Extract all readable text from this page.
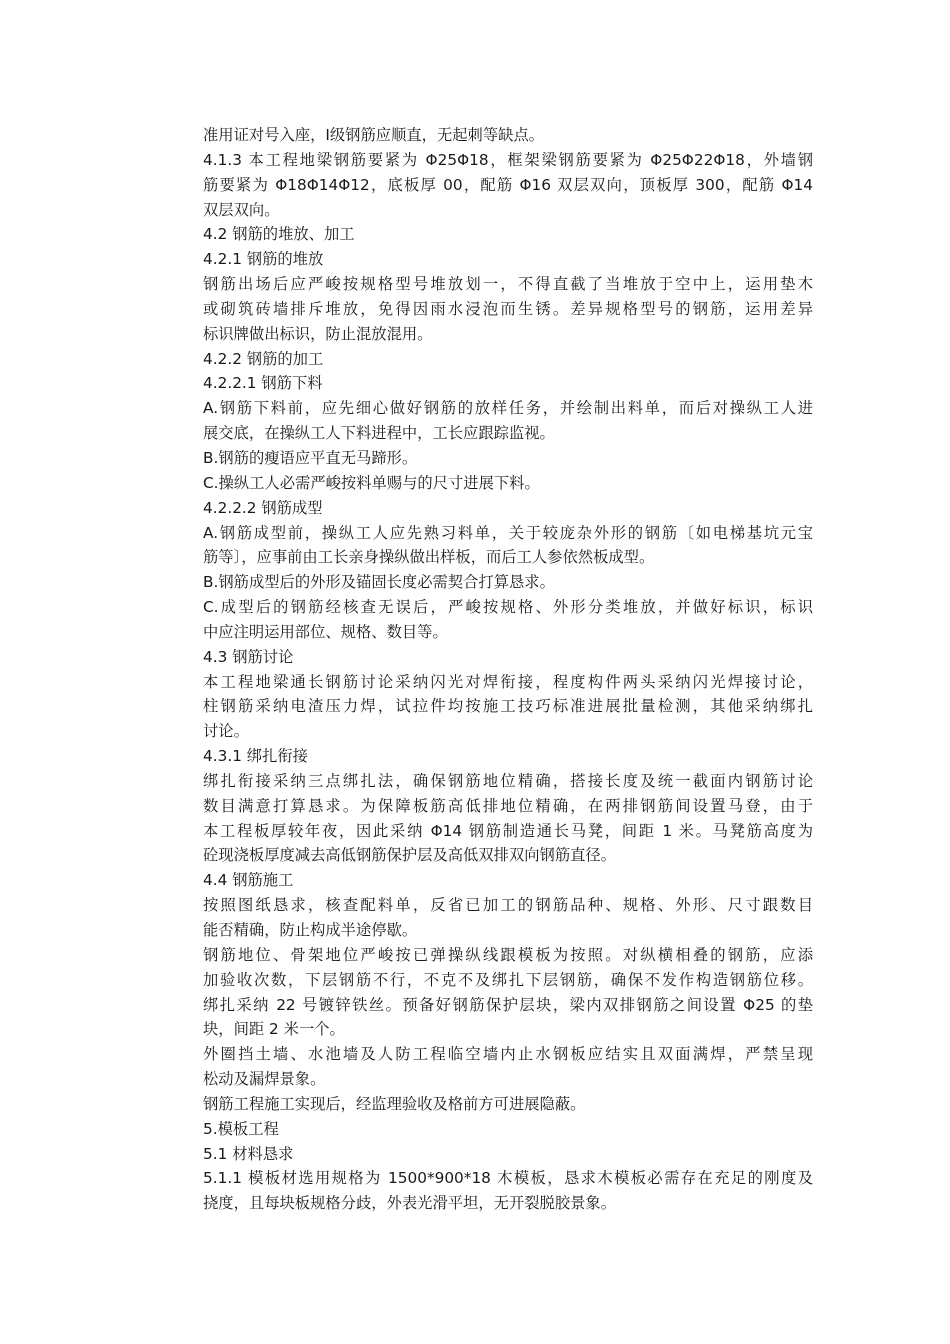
准用证对号入座，Ⅰ级钢筋应顺直，无起刺等缺点。
4.1.3 本工程地梁钢筋要紧为 Φ25Φ18，框架梁钢筋要紧为 Φ25Φ22Φ18，外墙钢
筋要紧为 Φ18Φ14Φ12，底板厚 00，配筋 Φ16 双层双向，顶板厚 300，配筋 Φ14
双层双向。
4.2 钢筋的堆放、加工
4.2.1 钢筋的堆放
钢筋出场后应严峻按规格型号堆放划一，不得直截了当堆放于空中上，运用垫木
或砌筑砖墙排斥堆放，免得因雨水浸泡而生锈。差异规格型号的钢筋，运用差异
标识牌做出标识，防止混放混用。
4.2.2 钢筋的加工
4.2.2.1 钢筋下料
A.钢筋下料前，应先细心做好钢筋的放样任务，并绘制出料单，而后对操纵工人进
展交底，在操纵工人下料进程中，工长应跟踪监视。
B.钢筋的瘦语应平直无马蹄形。
C.操纵工人必需严峻按料单赐与的尺寸进展下料。
4.2.2.2 钢筋成型
A.钢筋成型前，操纵工人应先熟习料单，关于较庞杂外形的钢筋〔如电梯基坑元宝
筋等〕，应事前由工长亲身操纵做出样板，而后工人参依然板成型。
B.钢筋成型后的外形及锚固长度必需契合打算恳求。
C.成型后的钢筋经核查无误后，严峻按规格、外形分类堆放，并做好标识，标识
中应注明运用部位、规格、数目等。
4.3 钢筋讨论
本工程地梁通长钢筋讨论采纳闪光对焊衔接，程度构件两头采纳闪光焊接讨论，
柱钢筋采纳电渣压力焊，试拉件均按施工技巧标准进展批量检测，其他采纳绑扎
讨论。
4.3.1 绑扎衔接
绑扎衔接采纳三点绑扎法，确保钢筋地位精确，搭接长度及统一截面内钢筋讨论
数目满意打算恳求。为保障板筋高低排地位精确，在两排钢筋间设置马登，由于
本工程板厚较年夜，因此采纳 Φ14 钢筋制造通长马凳，间距 1 米。马凳筋高度为
砼现浇板厚度减去高低钢筋保护层及高低双排双向钢筋直径。
4.4 钢筋施工
按照图纸恳求，核查配料单，反省已加工的钢筋品种、规格、外形、尺寸跟数目
能否精确，防止构成半途停歇。
钢筋地位、骨架地位严峻按已弹操纵线跟模板为按照。对纵横相叠的钢筋，应添
加验收次数，下层钢筋不行，不克不及绑扎下层钢筋，确保不发作构造钢筋位移。
绑扎采纳 22 号镀锌铁丝。预备好钢筋保护层块，梁内双排钢筋之间设置 Φ25 的垫
块，间距 2 米一个。
外圈挡土墙、水池墙及人防工程临空墙内止水钢板应结实且双面满焊，严禁呈现
松动及漏焊景象。
钢筋工程施工实现后，经监理验收及格前方可进展隐蔽。
5.模板工程
5.1 材料恳求
5.1.1 模板材选用规格为 1500*900*18 木模板，恳求木模板必需存在充足的刚度及
挠度，且每块板规格分歧，外表光滑平坦，无开裂脱胶景象。
